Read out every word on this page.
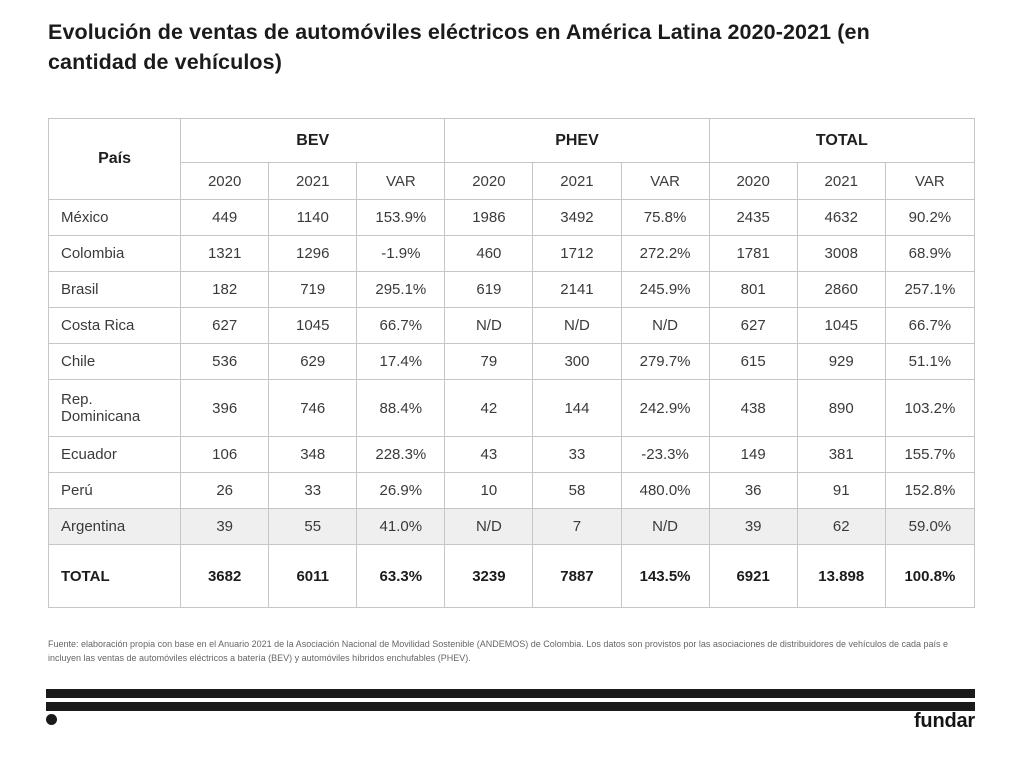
Evolución de ventas de automóviles eléctricos en América Latina 2020-2021 (en cantidad de vehículos)
País	BEV			PHEV			TOTAL		
	2020	2021	VAR	2020	2021	VAR	2020	2021	VAR
México	449	1140	153.9%	1986	3492	75.8%	2435	4632	90.2%
Colombia	1321	1296	-1.9%	460	1712	272.2%	1781	3008	68.9%
Brasil	182	719	295.1%	619	2141	245.9%	801	2860	257.1%
Costa Rica	627	1045	66.7%	N/D	N/D	N/D	627	1045	66.7%
Chile	536	629	17.4%	79	300	279.7%	615	929	51.1%
Rep. Dominicana	396	746	88.4%	42	144	242.9%	438	890	103.2%
Ecuador	106	348	228.3%	43	33	-23.3%	149	381	155.7%
Perú	26	33	26.9%	10	58	480.0%	36	91	152.8%
Argentina	39	55	41.0%	N/D	7	N/D	39	62	59.0%
TOTAL	3682	6011	63.3%	3239	7887	143.5%	6921	13.898	100.8%

Fuente: elaboración propia con base en el Anuario 2021 de la Asociación Nacional de Movilidad Sostenible (ANDEMOS) de Colombia. Los datos son provistos por las asociaciones de distribuidores de vehículos de cada país e incluyen las ventas de automóviles eléctricos a batería (BEV) y automóviles híbridos enchufables (PHEV).

fundar
